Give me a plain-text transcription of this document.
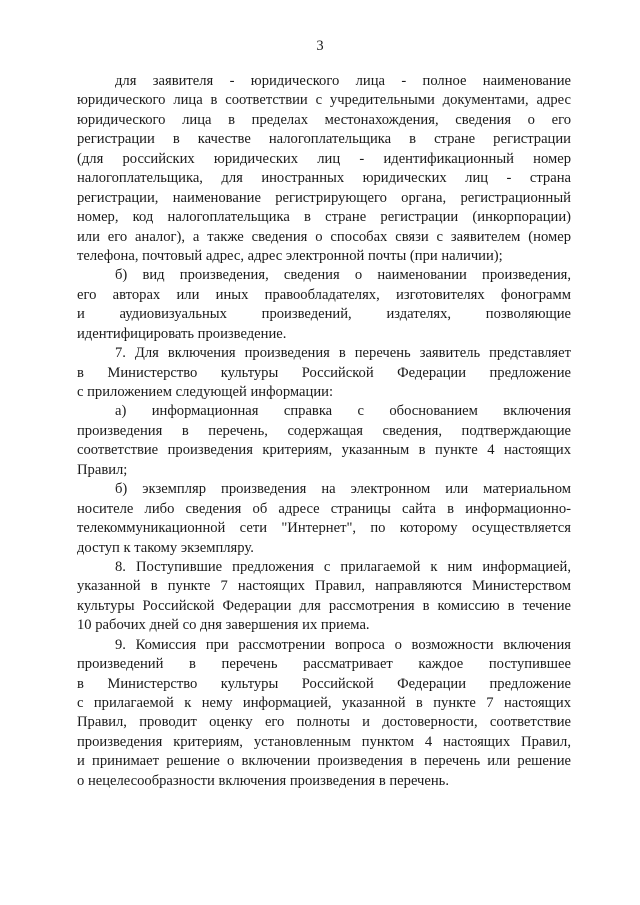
3
для заявителя - юридического лица - полное наименование
юридического лица в соответствии с учредительными документами, адрес
юридического лица в пределах местонахождения, сведения о его
регистрации в качестве налогоплательщика в стране регистрации
(для российских юридических лиц - идентификационный номер
налогоплательщика, для иностранных юридических лиц - страна
регистрации, наименование регистрирующего органа, регистрационный
номер, код налогоплательщика в стране регистрации (инкорпорации)
или его аналог), а также сведения о способах связи с заявителем (номер
телефона, почтовый адрес, адрес электронной почты (при наличии);
б) вид произведения, сведения о наименовании произведения,
его авторах или иных правообладателях, изготовителях фонограмм
и аудиовизуальных произведений, издателях, позволяющие
идентифицировать произведение.
7. Для включения произведения в перечень заявитель представляет
в Министерство культуры Российской Федерации предложение
с приложением следующей информации:
а) информационная справка с обоснованием включения
произведения в перечень, содержащая сведения, подтверждающие
соответствие произведения критериям, указанным в пункте 4 настоящих
Правил;
б) экземпляр произведения на электронном или материальном
носителе либо сведения об адресе страницы сайта в информационно-
телекоммуникационной сети "Интернет", по которому осуществляется
доступ к такому экземпляру.
8. Поступившие предложения с прилагаемой к ним информацией,
указанной в пункте 7 настоящих Правил, направляются Министерством
культуры Российской Федерации для рассмотрения в комиссию в течение
10 рабочих дней со дня завершения их приема.
9. Комиссия при рассмотрении вопроса о возможности включения
произведений в перечень рассматривает каждое поступившее
в Министерство культуры Российской Федерации предложение
с прилагаемой к нему информацией, указанной в пункте 7 настоящих
Правил, проводит оценку его полноты и достоверности, соответствие
произведения критериям, установленным пунктом 4 настоящих Правил,
и принимает решение о включении произведения в перечень или решение
о нецелесообразности включения произведения в перечень.
